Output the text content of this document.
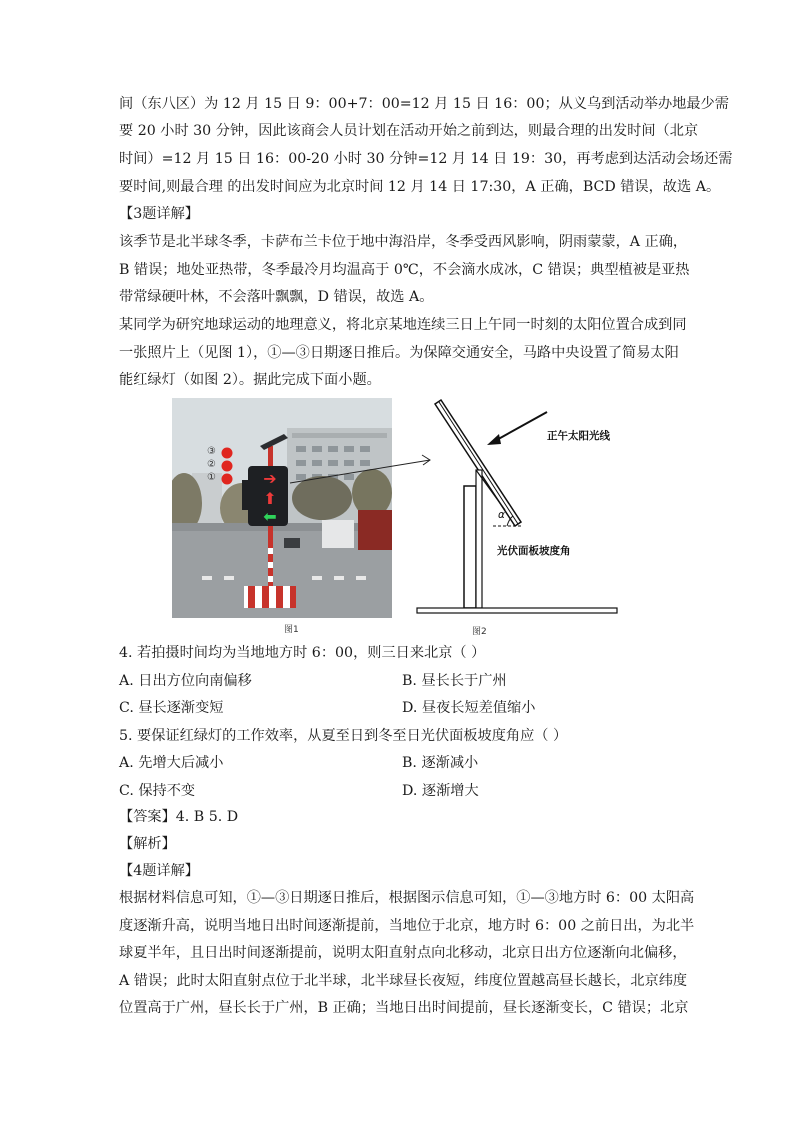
间（东八区）为 12 月 15 日 9：00+7：00=12 月 15 日 16：00；从义乌到活动举办地最少需
要 20 小时 30 分钟，因此该商会人员计划在活动开始之前到达，则最合理的出发时间（北京
时间）=12 月 15 日 16：00-20 小时 30 分钟=12 月 14 日 19：30，再考虑到达活动会场还需
要时间,则最合理 的出发时间应为北京时间 12 月 14 日 17:30，A 正确，BCD 错误，故选 A。
【3题详解】
该季节是北半球冬季，卡萨布兰卡位于地中海沿岸，冬季受西风影响，阴雨蒙蒙，A 正确，
B 错误；地处亚热带，冬季最冷月均温高于 0℃，不会滴水成冰，C 错误；典型植被是亚热
带常绿硬叶林，不会落叶飘飘，D 错误，故选 A。
某同学为研究地球运动的地理意义，将北京某地连续三日上午同一时刻的太阳位置合成到同
一张照片上（见图 1），①—③日期逐日推后。为保障交通安全，马路中央设置了简易太阳
能红绿灯（如图 2）。据此完成下面小题。
➔
⬆
⬅
③
②
①
正午太阳光线
α
光伏面板坡度角
图1	图2
4. 若拍摄时间均为当地地方时 6：00，则三日来北京（ ）
A. 日出方位向南偏移	B. 昼长长于广州
C. 昼长逐渐变短	D. 昼夜长短差值缩小
5. 要保证红绿灯的工作效率，从夏至日到冬至日光伏面板坡度角应（ ）
A. 先增大后减小	B. 逐渐减小
C. 保持不变	D. 逐渐增大
【答案】4. B 5. D
【解析】
【4题详解】
根据材料信息可知，①—③日期逐日推后，根据图示信息可知，①—③地方时 6：00 太阳高
度逐渐升高，说明当地日出时间逐渐提前，当地位于北京，地方时 6：00 之前日出，为北半
球夏半年，且日出时间逐渐提前，说明太阳直射点向北移动，北京日出方位逐渐向北偏移，
A 错误；此时太阳直射点位于北半球，北半球昼长夜短，纬度位置越高昼长越长，北京纬度
位置高于广州，昼长长于广州，B 正确；当地日出时间提前，昼长逐渐变长，C 错误；北京
